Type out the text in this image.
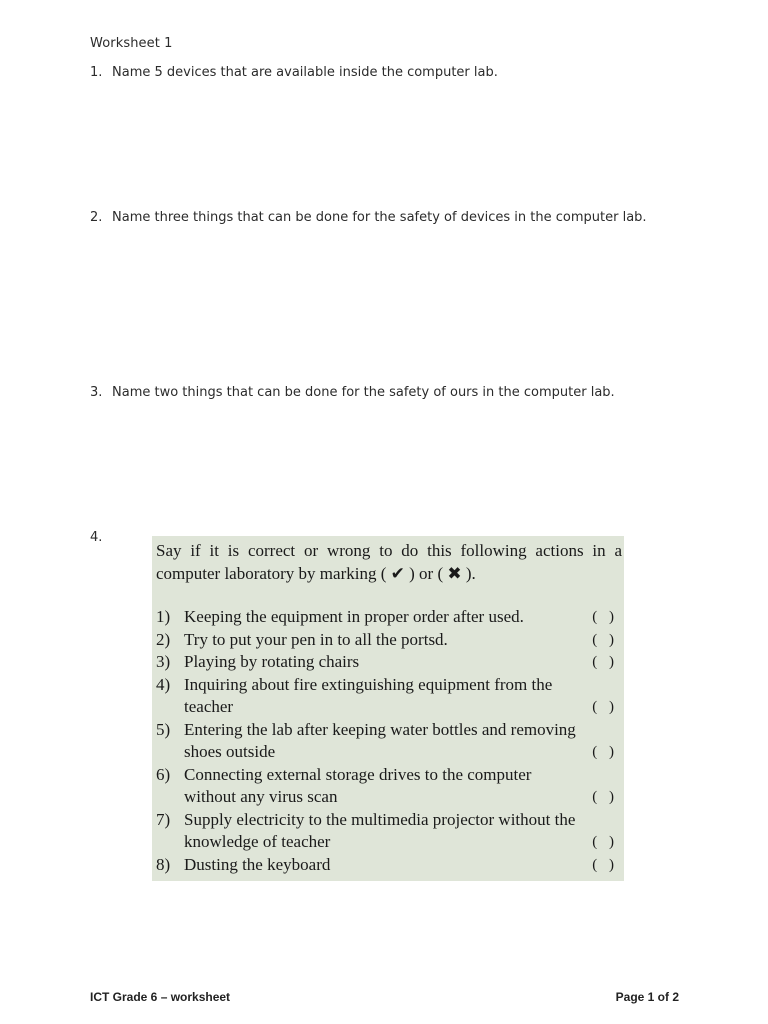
Worksheet 1
1. Name 5 devices that are available inside the computer lab.
2. Name three things that can be done for the safety of devices in the computer lab.
3. Name two things that can be done for the safety of ours in the computer lab.
4.
Say if it is correct or wrong to do this following actions in a
computer laboratory by marking ( ✔ ) or ( ✖ ).
1) Keeping the equipment in proper order after used.	( )
2) Try to put your pen in to all the portsd.	( )
3) Playing by rotating chairs	( )
4) Inquiring about fire extinguishing equipment from the teacher	( )
5) Entering the lab after keeping water bottles and removing shoes outside	( )
6) Connecting external storage drives to the computer without any virus scan	( )
7) Supply electricity to the multimedia projector without the knowledge of teacher	( )
8) Dusting the keyboard	( )
ICT Grade 6 – worksheet	Page 1 of 2
